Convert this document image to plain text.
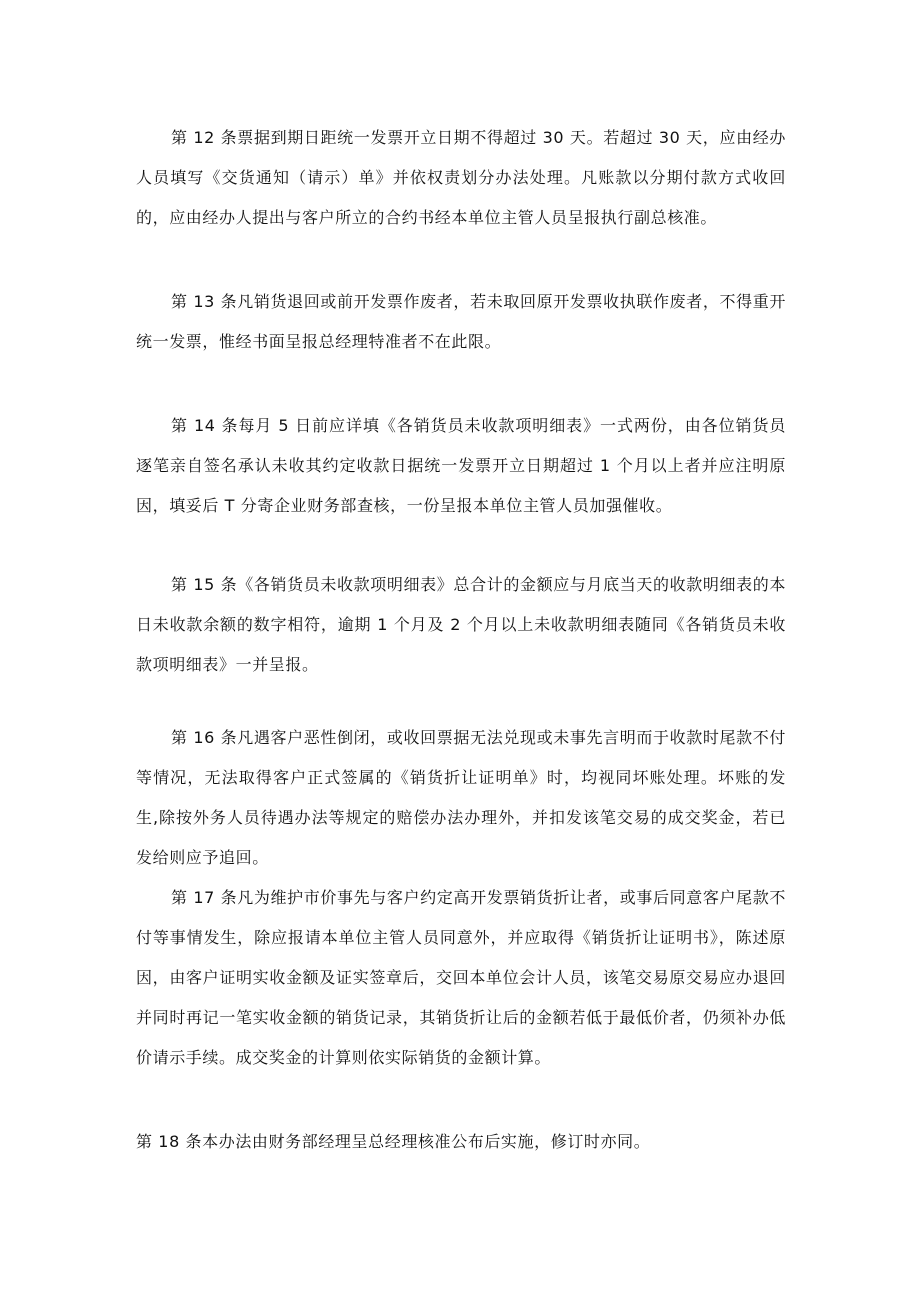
第 12 条票据到期日距统一发票开立日期不得超过 30 天。若超过 30 天，应由经办人员填写《交货通知（请示）单》并依权责划分办法处理。凡账款以分期付款方式收回的，应由经办人提出与客户所立的合约书经本单位主管人员呈报执行副总核准。

第 13 条凡销货退回或前开发票作废者，若未取回原开发票收执联作废者，不得重开统一发票，惟经书面呈报总经理特准者不在此限。

第 14 条每月 5 日前应详填《各销货员未收款项明细表》一式两份，由各位销货员逐笔亲自签名承认未收其约定收款日据统一发票开立日期超过 1 个月以上者并应注明原因，填妥后 T 分寄企业财务部查核，一份呈报本单位主管人员加强催收。

第 15 条《各销货员未收款项明细表》总合计的金额应与月底当天的收款明细表的本日未收款余额的数字相符，逾期 1 个月及 2 个月以上未收款明细表随同《各销货员未收款项明细表》一并呈报。

第 16 条凡遇客户恶性倒闭，或收回票据无法兑现或未事先言明而于收款时尾款不付等情况，无法取得客户正式签属的《销货折让证明单》时，均视同坏账处理。坏账的发生,除按外务人员待遇办法等规定的赔偿办法办理外，并扣发该笔交易的成交奖金，若已发给则应予追回。

第 17 条凡为维护市价事先与客户约定高开发票销货折让者，或事后同意客户尾款不付等事情发生，除应报请本单位主管人员同意外，并应取得《销货折让证明书》，陈述原因，由客户证明实收金额及证实签章后，交回本单位会计人员，该笔交易原交易应办退回并同时再记一笔实收金额的销货记录，其销货折让后的金额若低于最低价者，仍须补办低价请示手续。成交奖金的计算则依实际销货的金额计算。

第 18 条本办法由财务部经理呈总经理核准公布后实施，修订时亦同。
